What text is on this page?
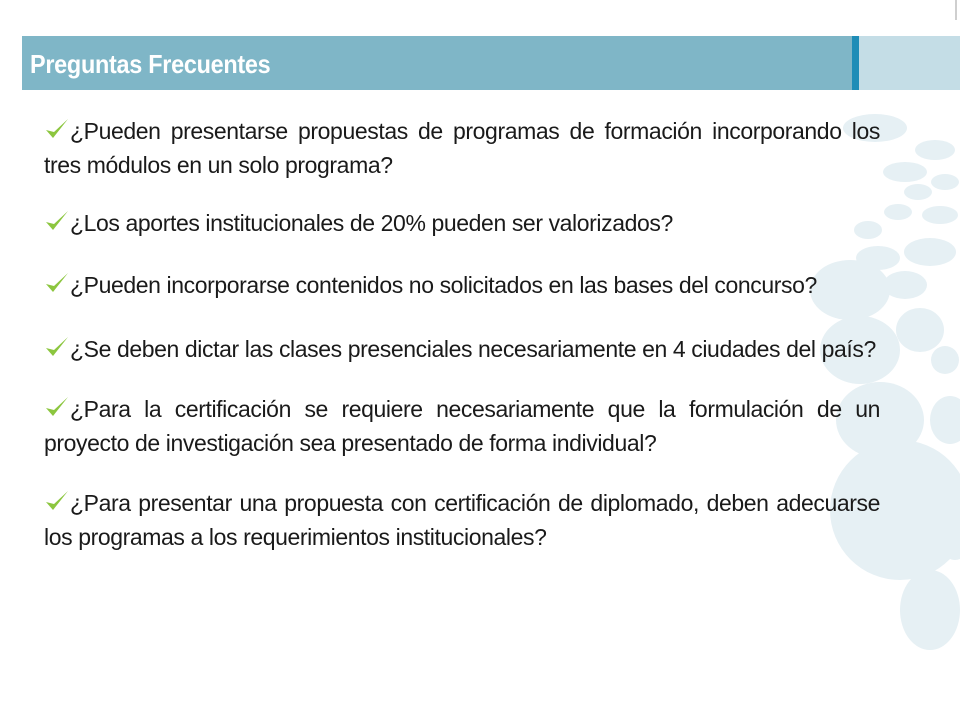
Preguntas Frecuentes
¿Pueden presentarse propuestas de programas de formación incorporando los tres módulos en un solo programa?
¿Los aportes institucionales de 20% pueden ser valorizados?
¿Pueden incorporarse contenidos no solicitados en las bases del concurso?
¿Se deben dictar las clases presenciales necesariamente en 4 ciudades del país?
¿Para la certificación se requiere necesariamente que la formulación de un proyecto de investigación sea presentado de forma individual?
¿Para presentar una propuesta con certificación de diplomado, deben adecuarse los programas a los requerimientos institucionales?
